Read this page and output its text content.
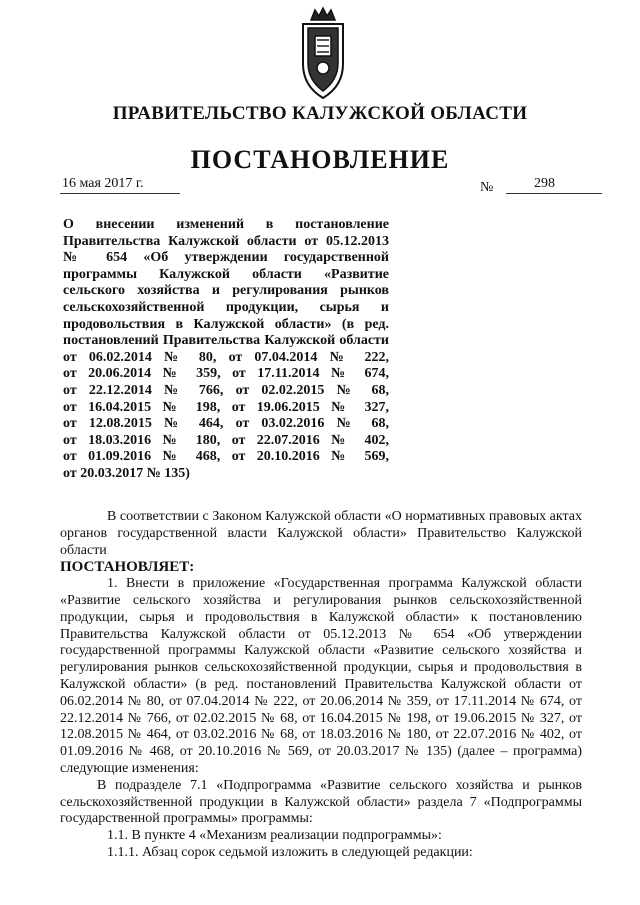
ПРАВИТЕЛЬСТВО КАЛУЖСКОЙ ОБЛАСТИ
ПОСТАНОВЛЕНИЕ
16 мая 2017 г.	№	298

О внесении изменений в постановление
Правительства Калужской области от 05.12.2013
№ 654 «Об утверждении государственной
программы Калужской области «Развитие
сельского хозяйства и регулирования рынков
сельскохозяйственной продукции, сырья и
продовольствия в Калужской области» (в ред.
постановлений Правительства Калужской области
от 06.02.2014 № 80, от 07.04.2014 № 222,
от 20.06.2014 № 359, от 17.11.2014 № 674,
от 22.12.2014 № 766, от 02.02.2015 № 68,
от 16.04.2015 № 198, от 19.06.2015 № 327,
от 12.08.2015 № 464, от 03.02.2016 № 68,
от 18.03.2016 № 180, от 22.07.2016 № 402,
от 01.09.2016 № 468, от 20.10.2016 № 569,
от 20.03.2017 № 135)

В соответствии с Законом Калужской области «О нормативных правовых актах органов государственной власти Калужской области» Правительство Калужской области

ПОСТАНОВЛЯЕТ:

1. Внести в приложение «Государственная программа Калужской области «Развитие сельского хозяйства и регулирования рынков сельскохозяйственной продукции, сырья и продовольствия в Калужской области» к постановлению Правительства Калужской области от 05.12.2013 № 654 «Об утверждении государственной программы Калужской области «Развитие сельского хозяйства и регулирования рынков сельскохозяйственной продукции, сырья и продовольствия в Калужской области» (в ред. постановлений Правительства Калужской области от 06.02.2014 № 80, от 07.04.2014 № 222, от 20.06.2014 № 359, от 17.11.2014 № 674, от 22.12.2014 № 766, от 02.02.2015 № 68, от 16.04.2015 № 198, от 19.06.2015 № 327, от 12.08.2015 № 464, от 03.02.2016 № 68, от 18.03.2016 № 180, от 22.07.2016 № 402, от 01.09.2016 № 468, от 20.10.2016 № 569, от 20.03.2017 № 135) (далее – программа) следующие изменения:

В подразделе 7.1 «Подпрограмма «Развитие сельского хозяйства и рынков сельскохозяйственной продукции в Калужской области» раздела 7 «Подпрограммы государственной программы» программы:

1.1. В пункте 4 «Механизм реализации подпрограммы»:

1.1.1. Абзац сорок седьмой изложить в следующей редакции:
